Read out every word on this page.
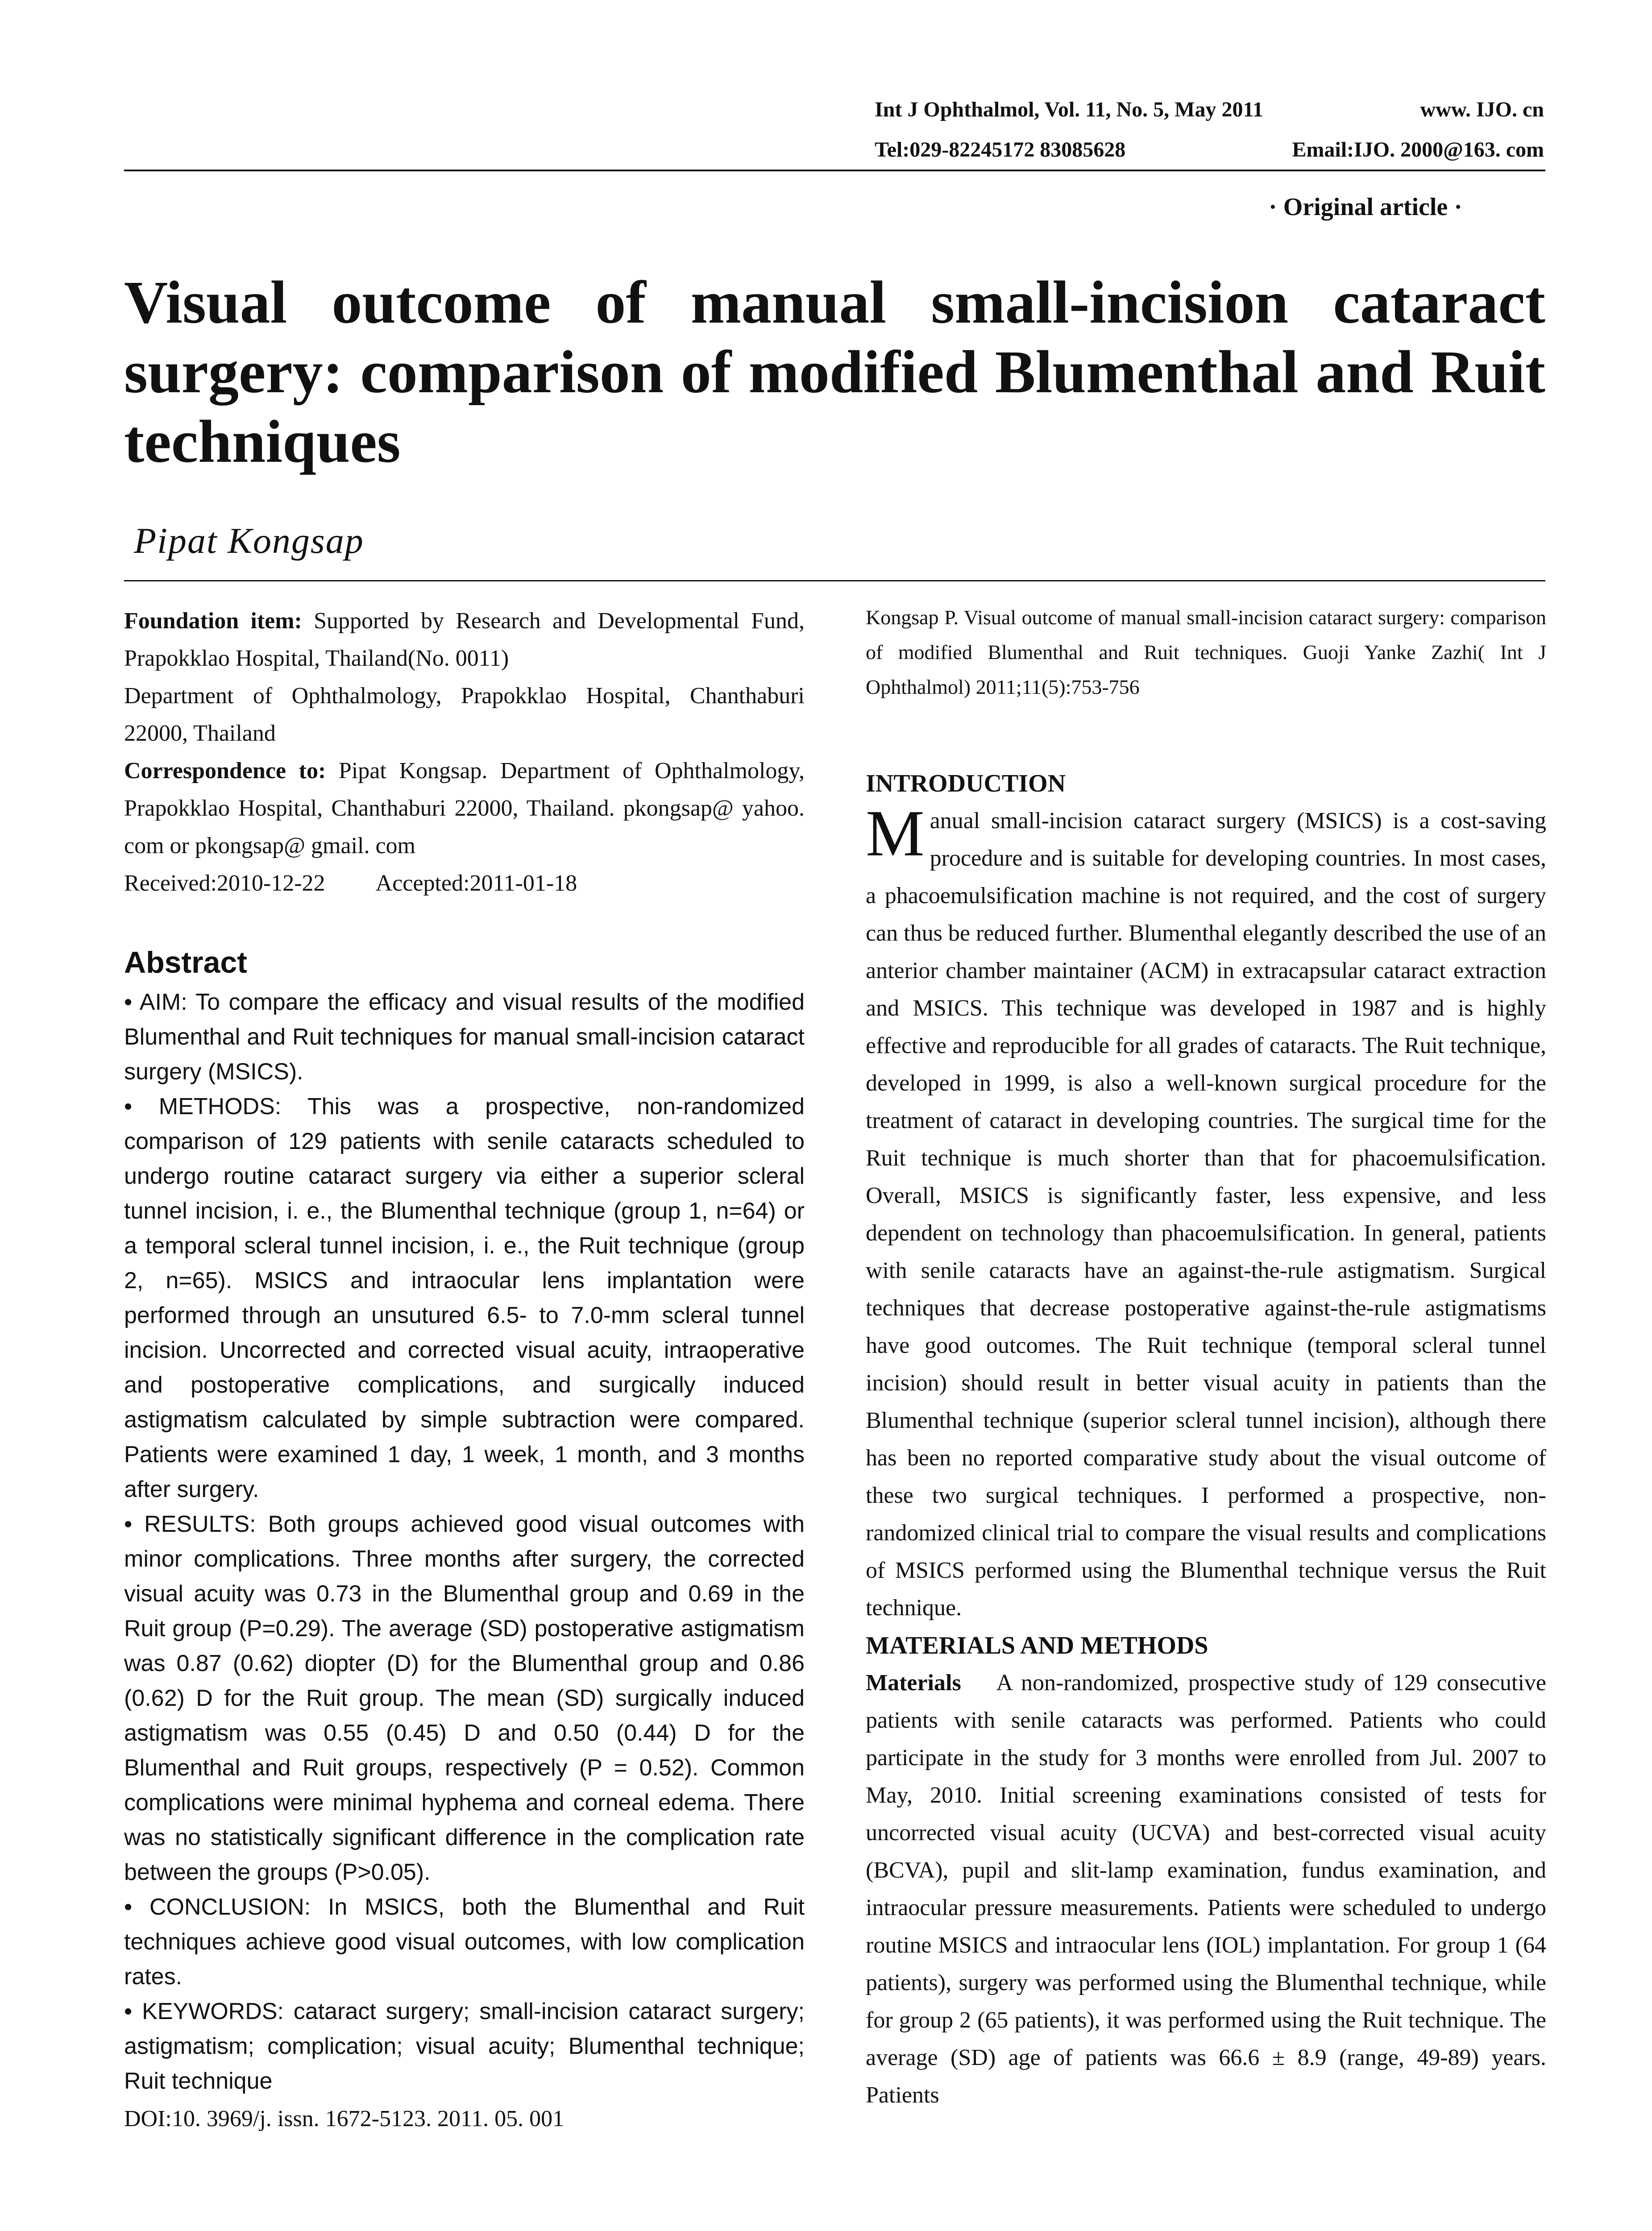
Int J Ophthalmol, Vol. 11, No. 5, May 2011	www. IJO. cn
Tel:029-82245172 83085628	Email:IJO. 2000@163. com
· Original article ·
Visual outcome of manual small-incision cataract surgery: comparison of modified Blumenthal and Ruit techniques
Pipat Kongsap

Foundation item: Supported by Research and Developmental Fund, Prapokklao Hospital, Thailand(No. 0011)

Department of Ophthalmology, Prapokklao Hospital, Chanthaburi 22000, Thailand

Correspondence to: Pipat Kongsap. Department of Ophthalmology, Prapokklao Hospital, Chanthaburi 22000, Thailand. pkongsap@ yahoo. com or pkongsap@ gmail. com

Received:2010-12-22 Accepted:2011-01-18

Abstract

• AIM: To compare the efficacy and visual results of the modified Blumenthal and Ruit techniques for manual small-incision cataract surgery (MSICS).

• METHODS: This was a prospective, non-randomized comparison of 129 patients with senile cataracts scheduled to undergo routine cataract surgery via either a superior scleral tunnel incision, i. e., the Blumenthal technique (group 1, n=64) or a temporal scleral tunnel incision, i. e., the Ruit technique (group 2, n=65). MSICS and intraocular lens implantation were performed through an unsutured 6.5- to 7.0-mm scleral tunnel incision. Uncorrected and corrected visual acuity, intraoperative and postoperative complications, and surgically induced astigmatism calculated by simple subtraction were compared. Patients were examined 1 day, 1 week, 1 month, and 3 months after surgery.

• RESULTS: Both groups achieved good visual outcomes with minor complications. Three months after surgery, the corrected visual acuity was 0.73 in the Blumenthal group and 0.69 in the Ruit group (P=0.29). The average (SD) postoperative astigmatism was 0.87 (0.62) diopter (D) for the Blumenthal group and 0.86 (0.62) D for the Ruit group. The mean (SD) surgically induced astigmatism was 0.55 (0.45) D and 0.50 (0.44) D for the Blumenthal and Ruit groups, respectively (P = 0.52). Common complications were minimal hyphema and corneal edema. There was no statistically significant difference in the complication rate between the groups (P>0.05).

• CONCLUSION: In MSICS, both the Blumenthal and Ruit techniques achieve good visual outcomes, with low complication rates.

• KEYWORDS: cataract surgery; small-incision cataract surgery; astigmatism; complication; visual acuity; Blumenthal technique; Ruit technique

DOI:10. 3969/j. issn. 1672-5123. 2011. 05. 001

Kongsap P. Visual outcome of manual small-incision cataract surgery: comparison of modified Blumenthal and Ruit techniques. Guoji Yanke Zazhi( Int J Ophthalmol) 2011;11(5):753-756

INTRODUCTION

Manual small-incision cataract surgery (MSICS) is a cost-saving procedure and is suitable for developing countries. In most cases, a phacoemulsification machine is not required, and the cost of surgery can thus be reduced further. Blumenthal elegantly described the use of an anterior chamber maintainer (ACM) in extracapsular cataract extraction and MSICS. This technique was developed in 1987 and is highly effective and reproducible for all grades of cataracts. The Ruit technique, developed in 1999, is also a well-known surgical procedure for the treatment of cataract in developing countries. The surgical time for the Ruit technique is much shorter than that for phacoemulsification. Overall, MSICS is significantly faster, less expensive, and less dependent on technology than phacoemulsification. In general, patients with senile cataracts have an against-the-rule astigmatism. Surgical techniques that decrease postoperative against-the-rule astigmatisms have good outcomes. The Ruit technique (temporal scleral tunnel incision) should result in better visual acuity in patients than the Blumenthal technique (superior scleral tunnel incision), although there has been no reported comparative study about the visual outcome of these two surgical techniques. I performed a prospective, non-randomized clinical trial to compare the visual results and complications of MSICS performed using the Blumenthal technique versus the Ruit technique.

MATERIALS AND METHODS

Materials A non-randomized, prospective study of 129 consecutive patients with senile cataracts was performed. Patients who could participate in the study for 3 months were enrolled from Jul. 2007 to May, 2010. Initial screening examinations consisted of tests for uncorrected visual acuity (UCVA) and best-corrected visual acuity (BCVA), pupil and slit-lamp examination, fundus examination, and intraocular pressure measurements. Patients were scheduled to undergo routine MSICS and intraocular lens (IOL) implantation. For group 1 (64 patients), surgery was performed using the Blumenthal technique, while for group 2 (65 patients), it was performed using the Ruit technique. The average (SD) age of patients was 66.6 ± 8.9 (range, 49-89) years. Patients
